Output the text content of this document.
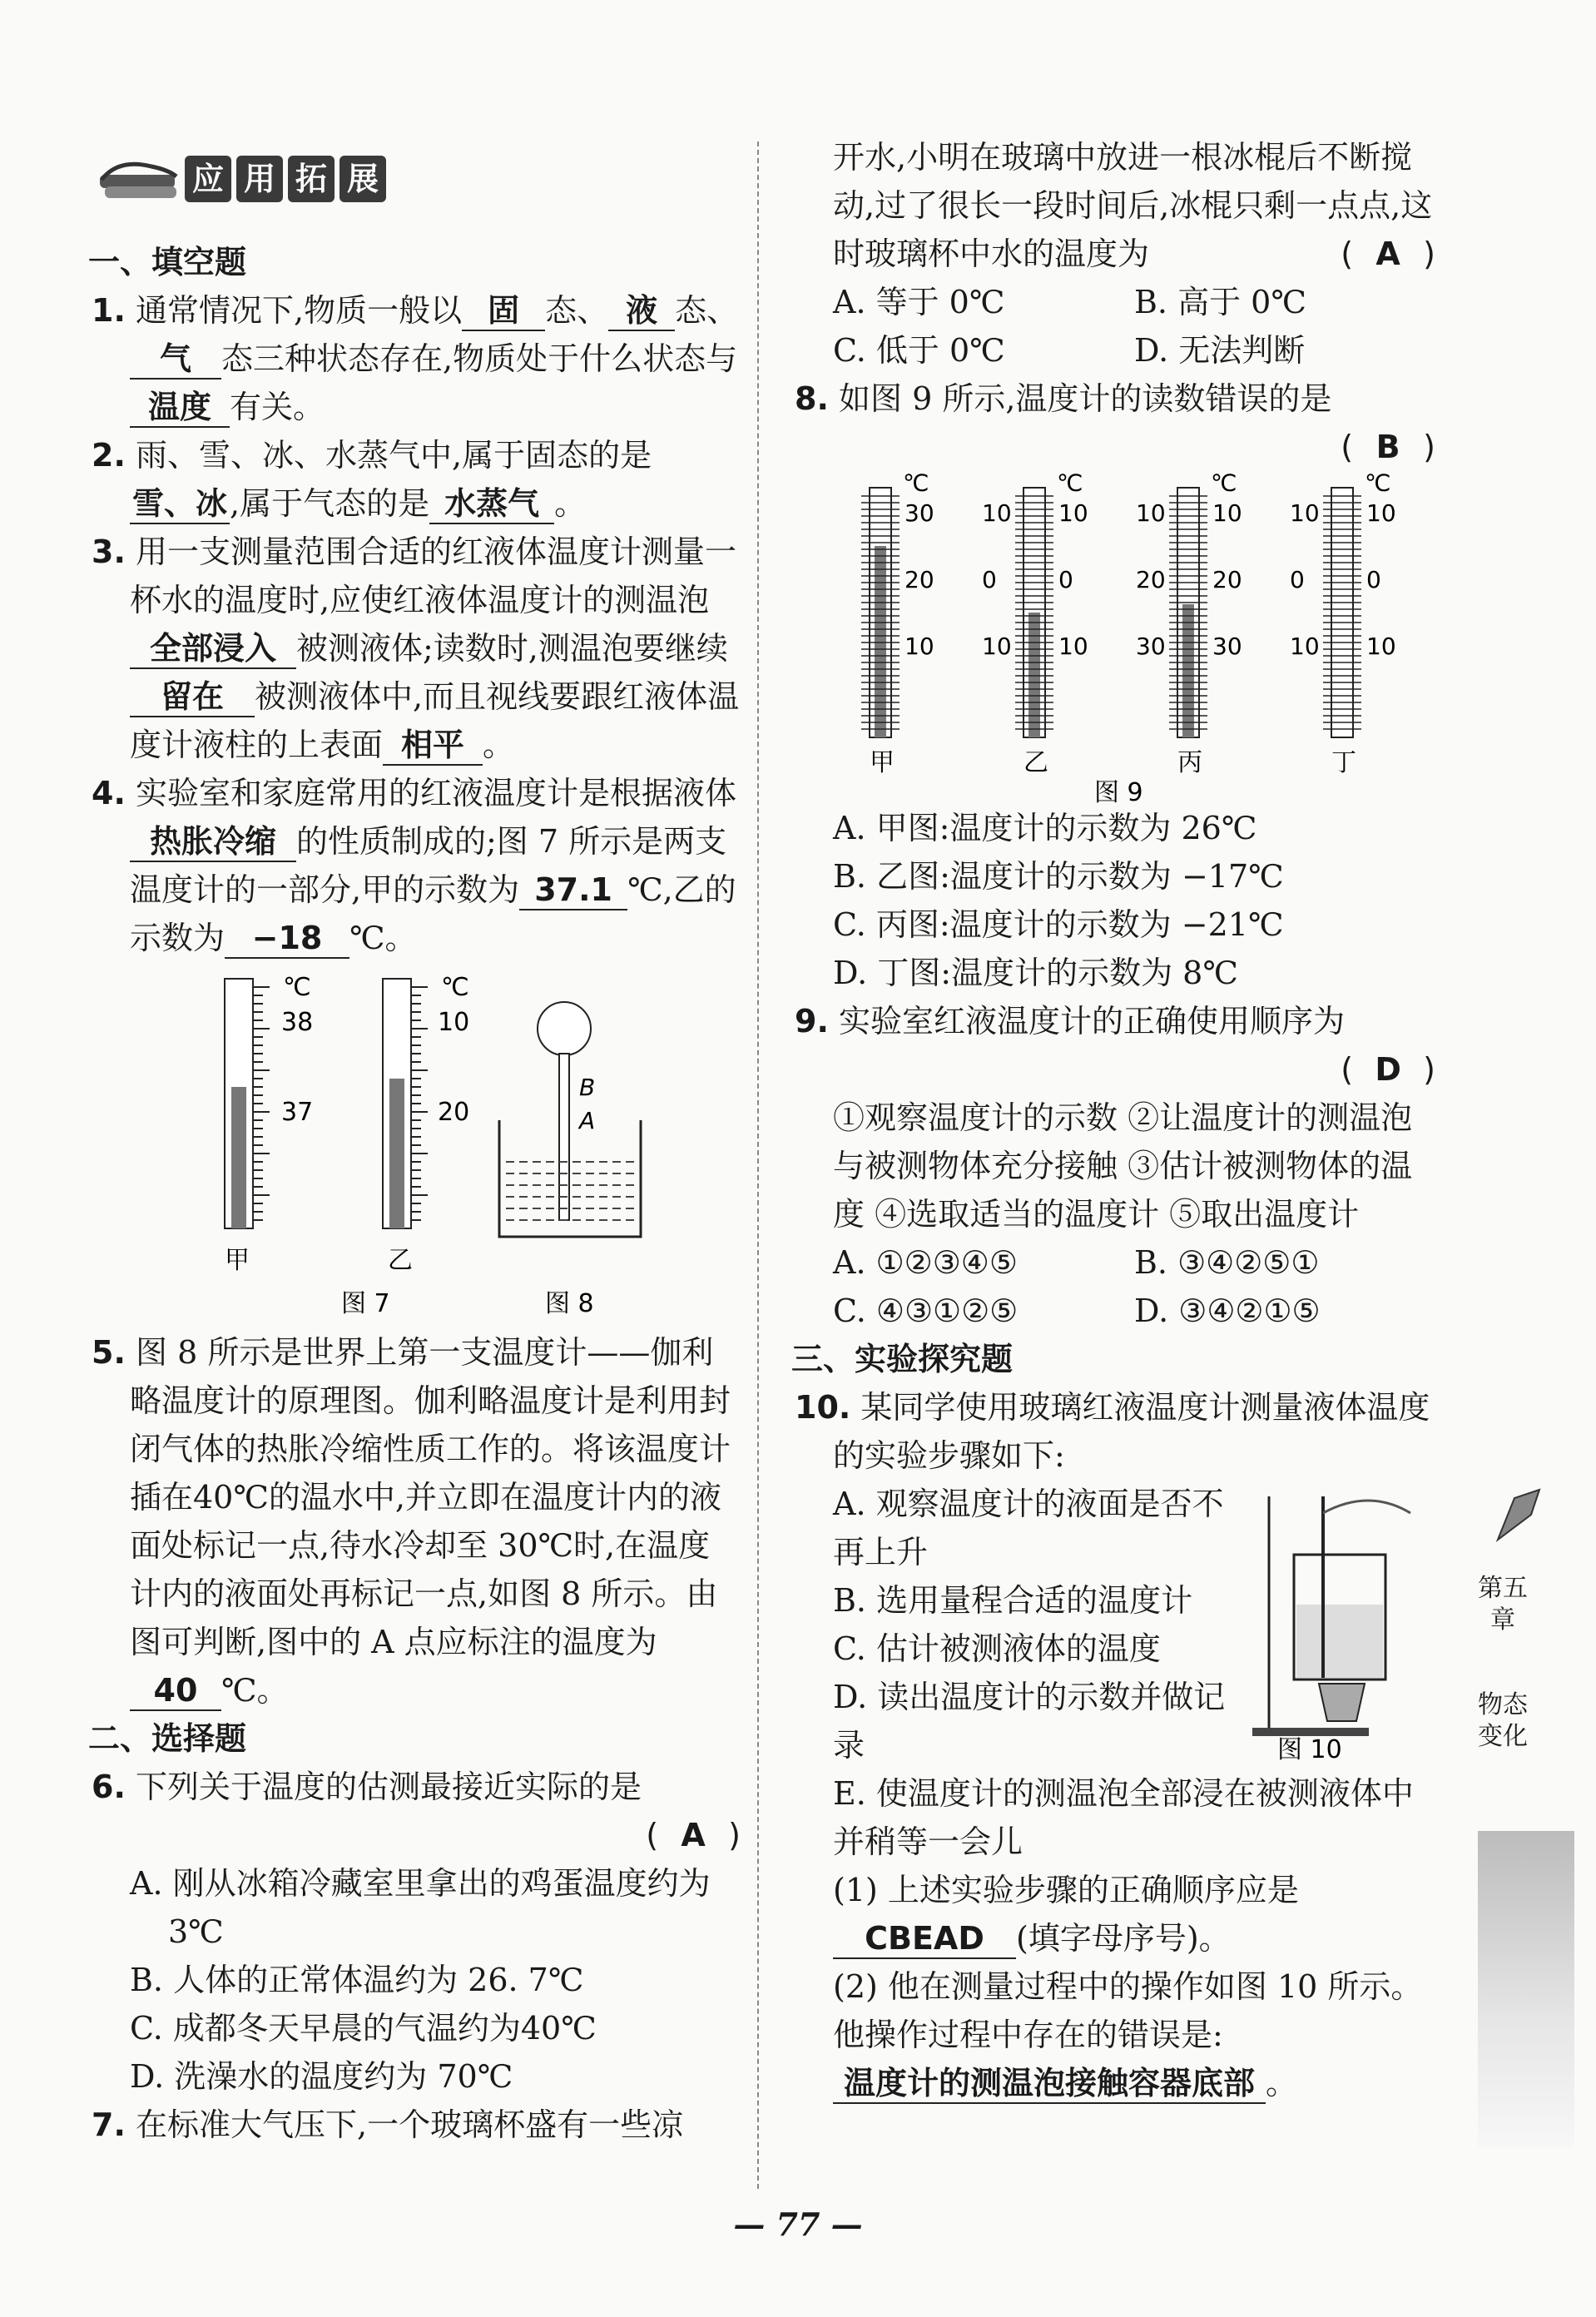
应 用 拓 展
一、填空题

1. 通常情况下,物质一般以 固 态、 液 态、气 态三种状态存在,物质处于什么状态与温度 有关。

2. 雨、雪、冰、水蒸气中,属于固态的是雪、冰,属于气态的是 水蒸气 。

3. 用一支测量范围合适的红液体温度计测量一杯水的温度时,应使红液体温度计的测温泡全部浸入 被测液体;读数时,测温泡要继续留在 被测液体中,而且视线要跟红液体温度计液柱的上表面 相平 。

4. 实验室和家庭常用的红液温度计是根据液体热胀冷缩 的性质制成的;图 7 所示是两支温度计的一部分,甲的示数为 37.1 ℃,乙的示数为 −18 ℃。

℃
38
37
甲
℃
10
20
乙
B
A
图 7	图 8

5. 图 8 所示是世界上第一支温度计——伽利略温度计的原理图。伽利略温度计是利用封闭气体的热胀冷缩性质工作的。将该温度计插在40℃的温水中,并立即在温度计内的液面处标记一点,待水冷却至 30℃时,在温度计内的液面处再标记一点,如图 8 所示。由图可判断,图中的 A 点应标注的温度为40 ℃。

二、选择题

6. 下列关于温度的估测最接近实际的是

( A )

A. 刚从冰箱冷藏室里拿出的鸡蛋温度约为3℃

B. 人体的正常体温约为 26. 7℃

C. 成都冬天早晨的气温约为40℃

D. 洗澡水的温度约为 70℃

7. 在标准大气压下,一个玻璃杯盛有一些凉

开水,小明在玻璃中放进一根冰棍后不断搅动,过了很长一段时间后,冰棍只剩一点点,这时玻璃杯中水的温度为	( A )

A. 等于 0℃	B. 高于 0℃
C. 低于 0℃	D. 无法判断

8. 如图 9 所示,温度计的读数错误的是

( B )
℃
30
20
10
甲
℃
10 10
0	0
10 10
乙
℃
10 10
20 20
30 30
丙
℃
10 10
0	0
10 10
丁
图 9

A. 甲图:温度计的示数为 26℃

B. 乙图:温度计的示数为 −17℃

C. 丙图:温度计的示数为 −21℃

D. 丁图:温度计的示数为 8℃

9. 实验室红液温度计的正确使用顺序为

( D )

①观察温度计的示数 ②让温度计的测温泡与被测物体充分接触 ③估计被测物体的温度 ④选取适当的温度计 ⑤取出温度计

A. ①②③④⑤	B. ③④②⑤①
C. ④③①②⑤	D. ③④②①⑤
三、实验探究题

10. 某同学使用玻璃红液温度计测量液体温度的实验步骤如下:

A. 观察温度计的液面是否不再上升

B. 选用量程合适的温度计

C. 估计被测液体的温度

D. 读出温度计的示数并做记录	图 10

E. 使温度计的测温泡全部浸在被测液体中并稍等一会儿

(1) 上述实验步骤的正确顺序应是CBEAD (填字母序号)。

(2) 他在测量过程中的操作如图 10 所示。他操作过程中存在的错误是:温度计的测温泡接触容器底部 。

第五章
物态变化
— 77 —
